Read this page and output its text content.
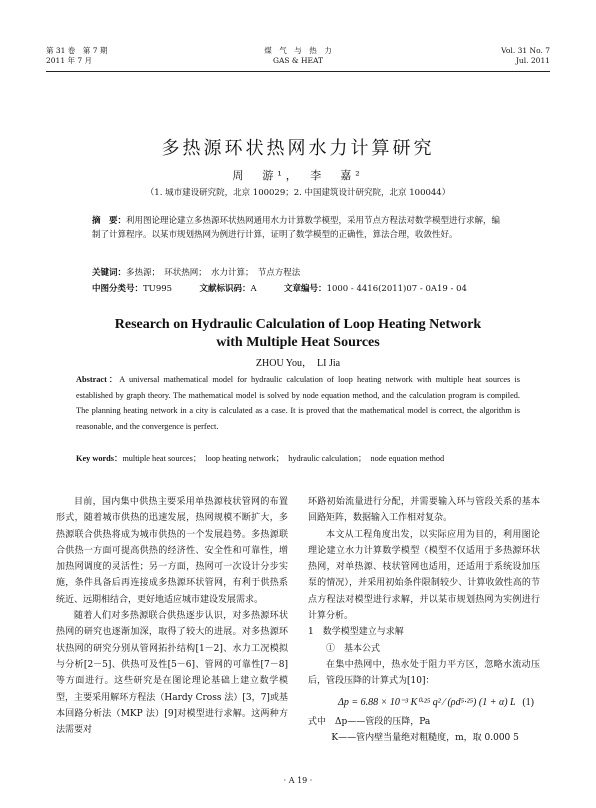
第 31 卷　第 7 期
2011 年 7 月
煤　气　与　热　力
GAS & HEAT
Vol. 31 No. 7
Jul. 2011
多热源环状热网水力计算研究
周　游¹，　李　嘉²
（1. 城市建设研究院，北京 100029；2. 中国建筑设计研究院，北京 100044）
摘　要：利用图论理论建立多热源环状热网通用水力计算数学模型，采用节点方程法对数学模型进行求解，编制了计算程序。以某市规划热网为例进行计算，证明了数学模型的正确性，算法合理，收敛性好。
关键词：多热源；　环状热网；　水力计算；　节点方程法
中图分类号：TU995	文献标识码：A	文章编号：1000 - 4416(2011)07 - 0A19 - 04
Research on Hydraulic Calculation of Loop Heating Network
with Multiple Heat Sources
ZHOU You，　LI Jia
Abstract：A universal mathematical model for hydraulic calculation of loop heating network with multiple heat sources is established by graph theory. The mathematical model is solved by node equation method, and the calculation program is compiled. The planning heating network in a city is calculated as a case. It is proved that the mathematical model is correct, the algorithm is reasonable, and the convergence is perfect.
Key words：multiple heat sources；　loop heating network；　hydraulic calculation；　node equation method

目前，国内集中供热主要采用单热源枝状管网的布置形式，随着城市供热的迅速发展，热网规模不断扩大，多热源联合供热将成为城市供热的一个发展趋势。多热源联合供热一方面可提高供热的经济性、安全性和可靠性，增加热网调度的灵活性；另一方面，热网可一次设计分步实施，条件具备后再连接成多热源环状管网，有利于供热系统近、远期相结合，更好地适应城市建设发展需求。

随着人们对多热源联合供热逐步认识，对多热源环状热网的研究也逐渐加深，取得了较大的进展。对多热源环状热网的研究分别从管网拓扑结构[1－2]、水力工况模拟与分析[2－5]、供热可及性[5－6]、管网的可靠性[7－8]等方面进行。这些研究是在图论理论基础上建立数学模型，主要采用解环方程法（Hardy Cross 法）[3，7]或基本回路分析法（MKP 法）[9]对模型进行求解。这两种方法需要对

环路初始流量进行分配，并需要输入环与管段关系的基本回路矩阵，数据输入工作相对复杂。

本文从工程角度出发，以实际应用为目的，利用图论理论建立水力计算数学模型（模型不仅适用于多热源环状热网，对单热源、枝状管网也适用，还适用于系统设加压泵的情况），并采用初始条件限制较少、计算收敛性高的节点方程法对模型进行求解，并以某市规划热网为实例进行计算分析。

1　数学模型建立与求解
①　基本公式

在集中热网中，热水处于阻力平方区，忽略水流动压后，管段压降的计算式为[10]：

Δp = 6.88 × 10⁻³ K⁰·²⁵ q² ⁄ (ρd⁵·²⁵) (1 + α) L (1)
式中　Δp——管段的压降，Pa
K——管内壁当量绝对粗糙度，m，取 0.000 5
· A 19 ·
